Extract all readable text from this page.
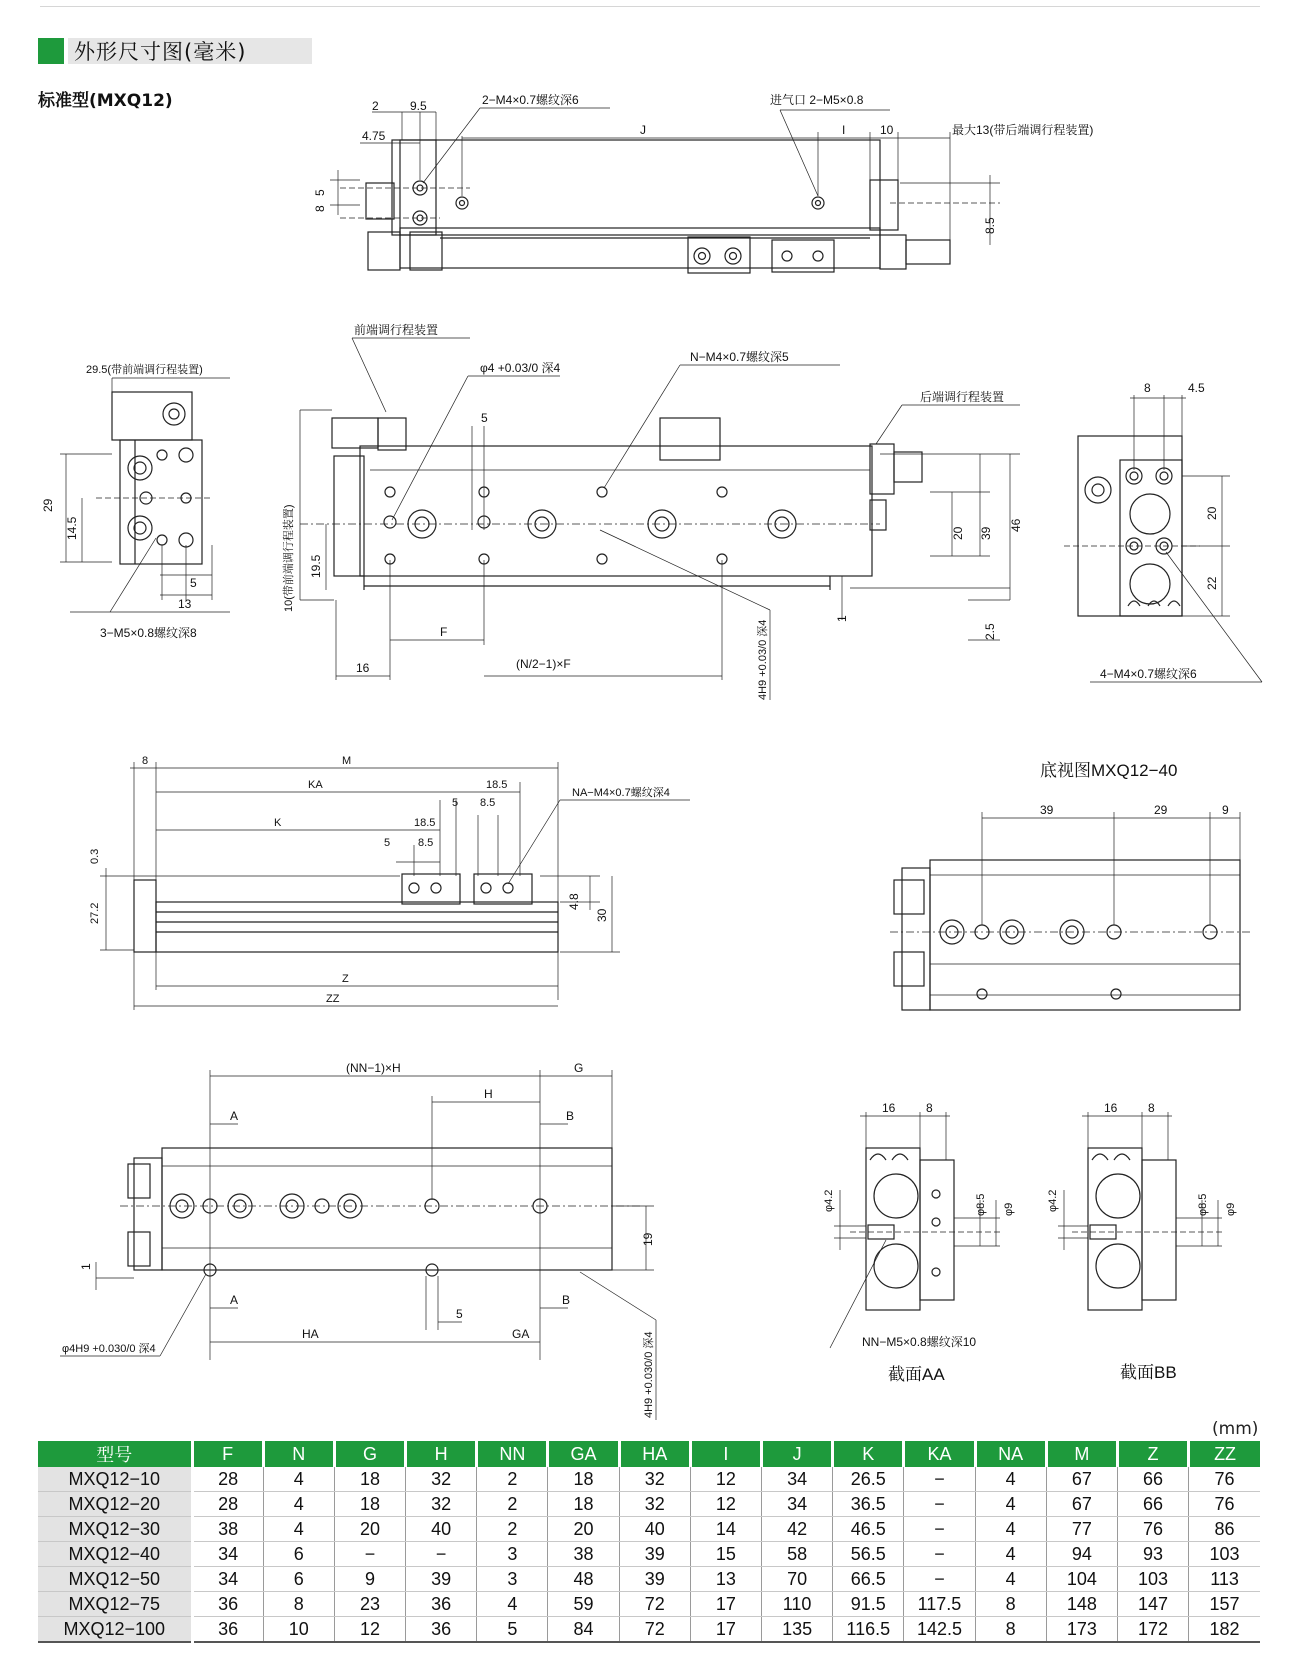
外形尺寸图(毫米)
标准型(MXQ12)	2	9.5
4.75
2−M4×0.7螺纹深6	进气口 2−M5×0.8
J	I	10	最大13(带后端调行程装置)
5
8
8.5
29.5(带前端调行程装置)
29
14.5
5
13
3−M5×0.8螺纹深8
前端调行程装置
φ4 +0.03/0 深4
N−M4×0.7螺纹深5
后端调行程装置
5
10(带前端调行程装置) 19.5
F
16	(N/2−1)×F	4H9 +0.03/0 深4
1
20 39
46
2.5
8	4.5
20
22
4−M4×0.7螺纹深6
8	M
KA	18.5
5 8.5
K	18.5
5	8.5
NA−M4×0.7螺纹深4
0.3
27.2
4.8
30
Z
ZZ
底视图MXQ12−40
39	29	9
(NN−1)×H	G
H
A	B
A	B
19
1
5
HA	GA
φ4H9 +0.030/0 深4	4H9 +0.030/0 深4
16	8
φ4.2	φ8.5 φ9
NN−M5×0.8螺纹深10
截面AA
16	8
φ4.2	φ8.5 φ9
截面BB
(mm)
型号	F	N	G	H	NN	GA	HA	I	J	K	KA	NA	M	Z	ZZ
MXQ12−10	28	4	18	32	2	18	32	12	34	26.5	−	4	67	66	76
MXQ12−20	28	4	18	32	2	18	32	12	34	36.5	−	4	67	66	76
MXQ12−30	38	4	20	40	2	20	40	14	42	46.5	−	4	77	76	86
MXQ12−40	34	6	−	−	3	38	39	15	58	56.5	−	4	94	93	103
MXQ12−50	34	6	9	39	3	48	39	13	70	66.5	−	4	104	103	113
MXQ12−75	36	8	23	36	4	59	72	17	110	91.5	117.5	8	148	147	157
MXQ12−100	36	10	12	36	5	84	72	17	135	116.5	142.5	8	173	172	182
